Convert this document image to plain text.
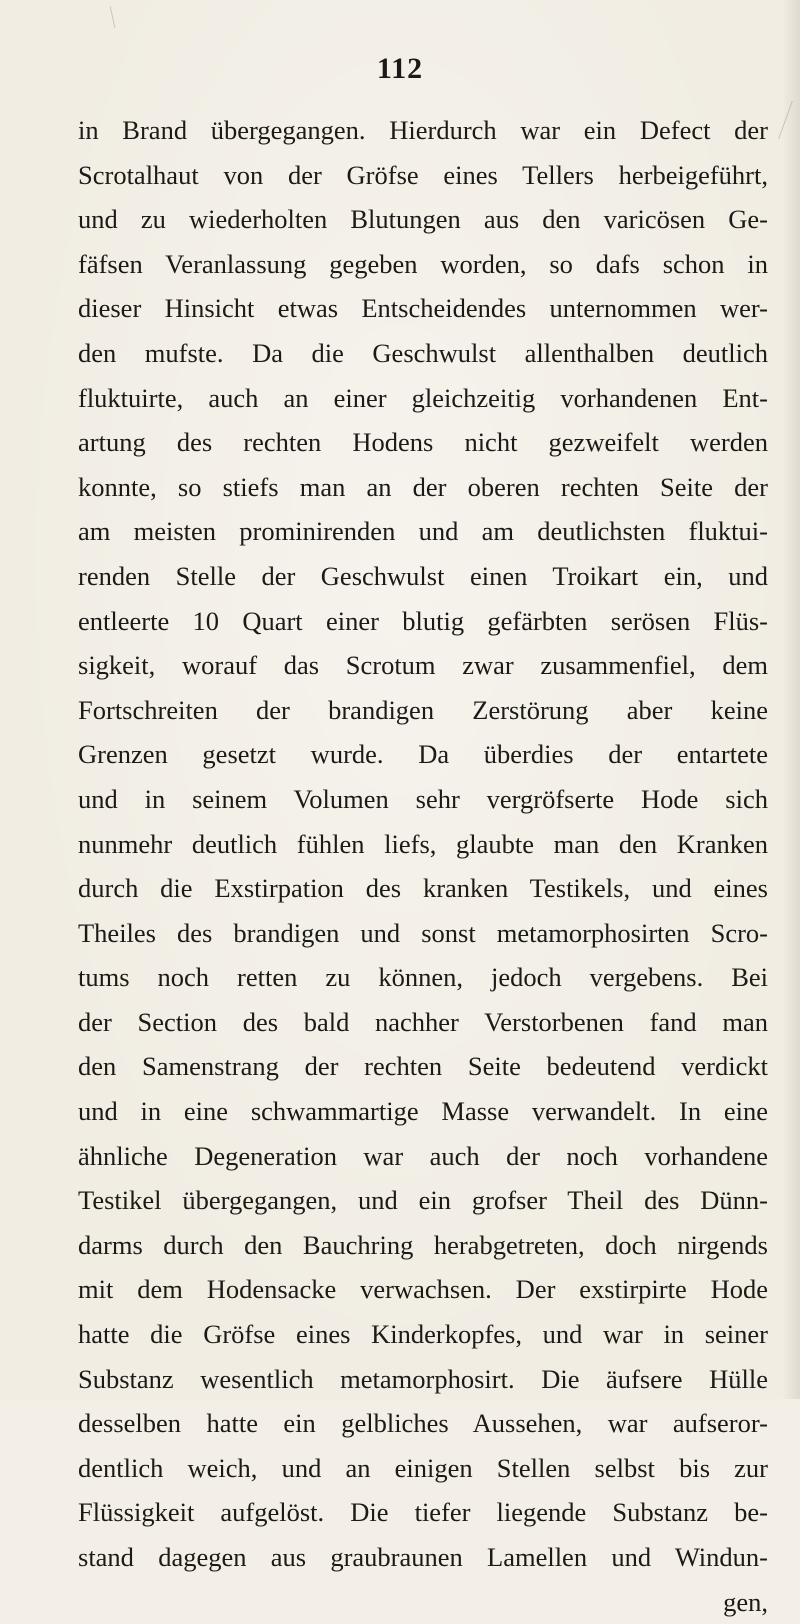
112
in Brand übergegangen. Hierdurch war ein Defect der
Scrotalhaut von der Gröfse eines Tellers herbeigeführt,
und zu wiederholten Blutungen aus den varicösen Ge-
fäfsen Veranlassung gegeben worden, so dafs schon in
dieser Hinsicht etwas Entscheidendes unternommen wer-
den mufste. Da die Geschwulst allenthalben deutlich
fluktuirte, auch an einer gleichzeitig vorhandenen Ent-
artung des rechten Hodens nicht gezweifelt werden
konnte, so stiefs man an der oberen rechten Seite der
am meisten prominirenden und am deutlichsten fluktui-
renden Stelle der Geschwulst einen Troikart ein, und
entleerte 10 Quart einer blutig gefärbten serösen Flüs-
sigkeit, worauf das Scrotum zwar zusammenfiel, dem
Fortschreiten der brandigen Zerstörung aber keine
Grenzen gesetzt wurde. Da überdies der entartete
und in seinem Volumen sehr vergröfserte Hode sich
nunmehr deutlich fühlen liefs, glaubte man den Kranken
durch die Exstirpation des kranken Testikels, und eines
Theiles des brandigen und sonst metamorphosirten Scro-
tums noch retten zu können, jedoch vergebens. Bei
der Section des bald nachher Verstorbenen fand man
den Samenstrang der rechten Seite bedeutend verdickt
und in eine schwammartige Masse verwandelt. In eine
ähnliche Degeneration war auch der noch vorhandene
Testikel übergegangen, und ein grofser Theil des Dünn-
darms durch den Bauchring herabgetreten, doch nirgends
mit dem Hodensacke verwachsen. Der exstirpirte Hode
hatte die Gröfse eines Kinderkopfes, und war in seiner
Substanz wesentlich metamorphosirt. Die äufsere Hülle
desselben hatte ein gelbliches Aussehen, war aufseror-
dentlich weich, und an einigen Stellen selbst bis zur
Flüssigkeit aufgelöst. Die tiefer liegende Substanz be-
stand dagegen aus graubraunen Lamellen und Windun-
gen,
